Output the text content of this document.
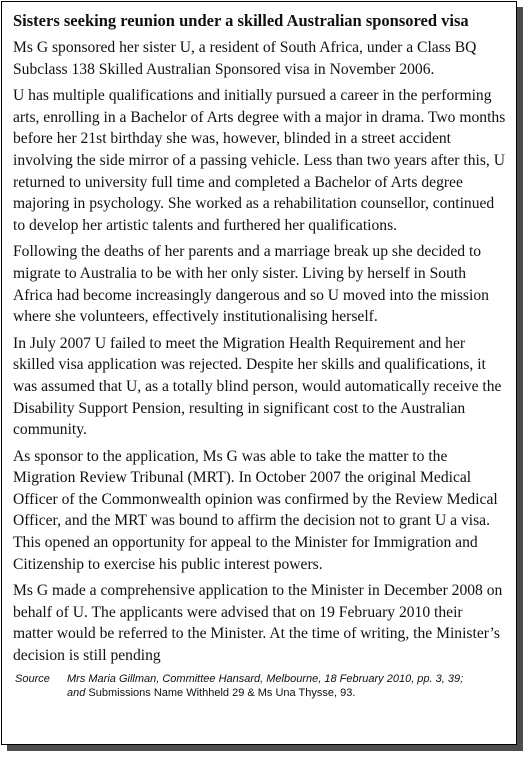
Sisters seeking reunion under a skilled Australian sponsored visa
Ms G sponsored her sister U, a resident of South Africa, under a Class BQ Subclass 138 Skilled Australian Sponsored visa in November 2006.
U has multiple qualifications and initially pursued a career in the performing arts, enrolling in a Bachelor of Arts degree with a major in drama. Two months before her 21st birthday she was, however, blinded in a street accident involving the side mirror of a passing vehicle. Less than two years after this, U returned to university full time and completed a Bachelor of Arts degree majoring in psychology. She worked as a rehabilitation counsellor, continued to develop her artistic talents and furthered her qualifications.
Following the deaths of her parents and a marriage break up she decided to migrate to Australia to be with her only sister. Living by herself in South Africa had become increasingly dangerous and so U moved into the mission where she volunteers, effectively institutionalising herself.
In July 2007 U failed to meet the Migration Health Requirement and her skilled visa application was rejected. Despite her skills and qualifications, it was assumed that U, as a totally blind person, would automatically receive the Disability Support Pension, resulting in significant cost to the Australian community.
As sponsor to the application, Ms G was able to take the matter to the Migration Review Tribunal (MRT). In October 2007 the original Medical Officer of the Commonwealth opinion was confirmed by the Review Medical Officer, and the MRT was bound to affirm the decision not to grant U a visa. This opened an opportunity for appeal to the Minister for Immigration and Citizenship to exercise his public interest powers.
Ms G made a comprehensive application to the Minister in December 2008 on behalf of U. The applicants were advised that on 19 February 2010 their matter would be referred to the Minister. At the time of writing, the Minister’s decision is still pending
Source	Mrs Maria Gillman, Committee Hansard, Melbourne, 18 February 2010, pp. 3, 39; and Submissions Name Withheld 29 & Ms Una Thysse, 93.
